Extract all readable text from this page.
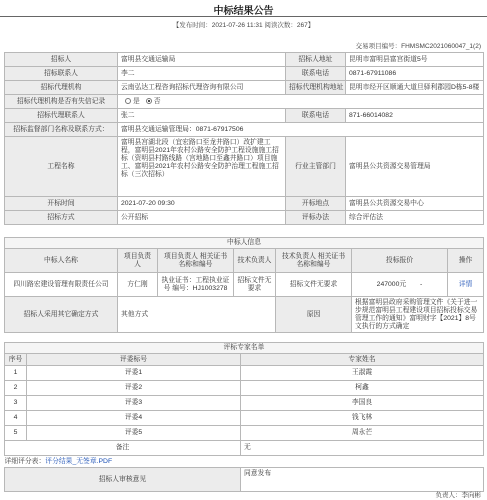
中标结果公告
【发布时间：2021-07-26 11:31 阅读次数：267】
交易项目编号：FHMSMC2021060047_1(2)
招标人	富明县交通运输局	招标人地址	昆明市富明县富宫街道5号
招标联系人	李二	联系电话	0871-67911086
招标代理机构	云南弘达工程咨询招标代理咨询有限公司	招标代理机构地址	昆明市经开区顺通大道旦驿利郡园D栋5-8楼
招标代理机构是否有失信记录	是 否		
招标代理联系人	张二	联系电话	871-66014082
招标监督部门名称及联系方式：	富明县交通运输管理局：0871-67917506		
工程名称	富明县宫湖北段（宜宏路口至龙井路口）改扩建工程，富明县2021年农村公路安全防护工程设施施工招标（资明县村路线路（宫地路口至鑫井路口）项目施工、富明县2021年农村公路安全防护治理工程施工招标（三次招标）	行业主管部门	富明县公共资源交易管理局
开标时间	2021-07-20 09:30	开标地点	富明县公共资源交易中心
招标方式	公开招标	评标办法	综合评估法
中标人信息						
中标人名称	项目负责人	项目负责人 相关证书名称和编号	技术负责人	技术负责人 相关证书名称和编号	投标报价	操作
四川路宏建设管理有限责任公司	方仁刚	执业证书：工程执业证号 编号：HJ1003278	招标文件无要求	招标文件无要求	247000元 -	详情
招标人采用其它确定方式	其他方式			原因	根据富明县政府采购管理文件《关于进一步规范富明县工程建设项目招标投标交易管理工作的通知》富明财字【2021】8号文执行的方式确定	
评标专家名单		
序号	评委标号	专家姓名
1	评委1	王淑霞
2	评委2	柯鑫
3	评委3	李国良
4	评委4	钱飞林
5	评委5	周永芒
备注		无
详细评分表：评分结果_无签章.PDF		
招标人审核意见		同意发布
负责人：李向彬
